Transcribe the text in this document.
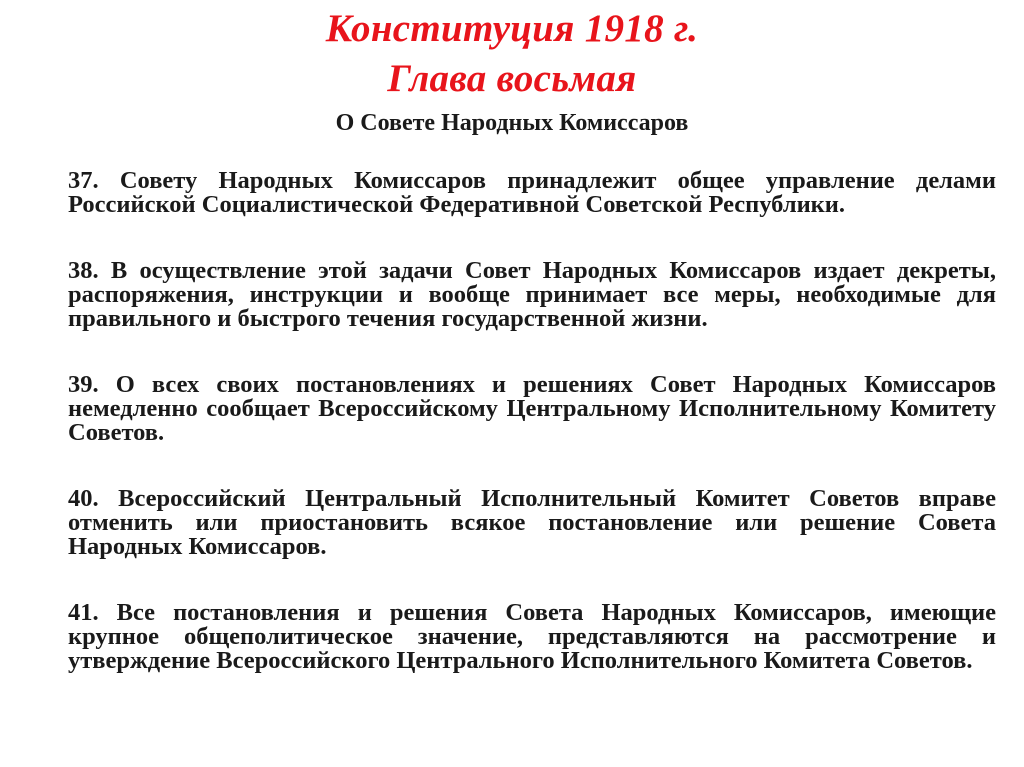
Конституция 1918 г.
Глава восьмая
О Совете Народных Комиссаров

37. Совету Народных Комиссаров принадлежит общее управление делами Российской Социалистической Федеративной Советской Республики.

38. В осуществление этой задачи Совет Народных Комиссаров издает декреты, распоряжения, инструкции и вообще принимает все меры, необходимые для правильного и быстрого течения государственной жизни.

39. О всех своих постановлениях и решениях Совет Народных Комиссаров немедленно сообщает Всероссийскому Центральному Исполнительному Комитету Советов.

40. Всероссийский Центральный Исполнительный Комитет Советов вправе отменить или приостановить всякое постановление или решение Совета Народных Комиссаров.

41. Все постановления и решения Совета Народных Комиссаров, имеющие крупное общеполитическое значение, представляются на рассмотрение и утверждение Всероссийского Центрального Исполнительного Комитета Советов.
